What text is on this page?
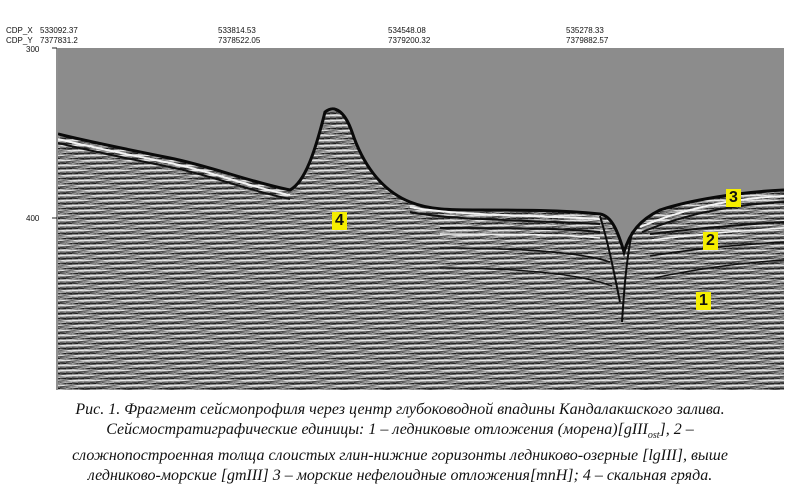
CDP_X
CDP_Y
533092.37
7377831.2
533814.53
7378522.05
534548.08
7379200.32
535278.33
7379882.57
300
400	4
3
2
1
Рис. 1. Фрагмент сейсмопрофиля через центр глубоководной впадины Кандалакшского залива.
Сейсмостратиграфические единицы: 1 – ледниковые отложения (морена)[gIII$_{ost}$], 2 –
сложнопостроенная толща слоистых глин-нижние горизонты ледниково-озерные [lgIII], выше
ледниково-морские [gmIII] 3 – морские нефелоидные отложения[mnH]; 4 – скальная гряда.
